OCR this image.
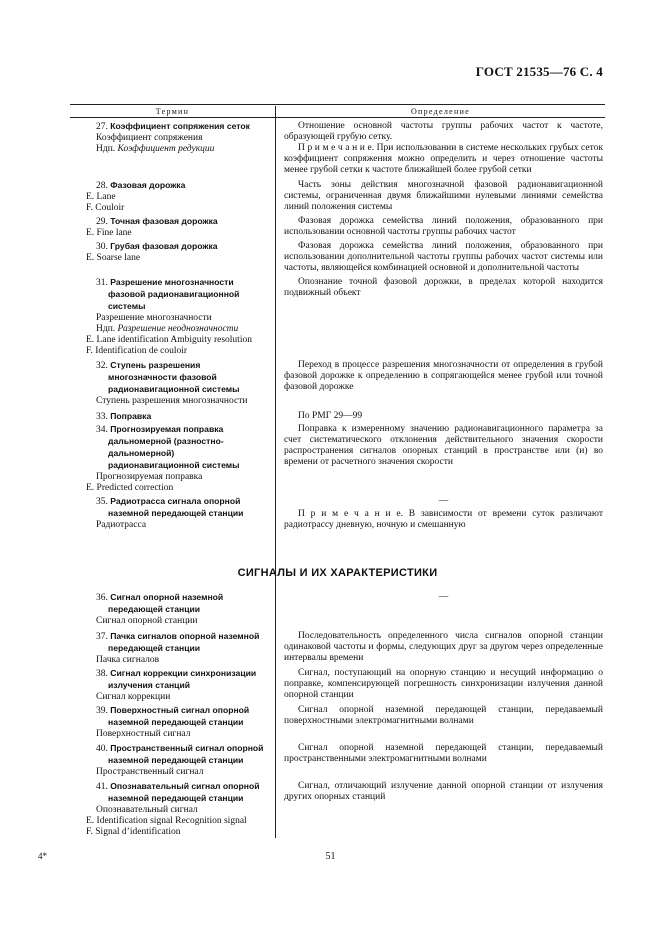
ГОСТ 21535—76 С. 4
Термин	Определение
27. Коэффициент сопряжения сеток
Коэффициент сопряжения
Ндп. Коэффициент редукции

Отношение основной частоты группы рабочих частот к частоте, образующей грубую сетку.

П р и м е ч а н и е. При использовании в системе нескольких грубых сеток коэффициент сопряжения можно определить и через отношение частоты менее грубой сетки к частоте ближайшей более грубой сетки

28. Фазовая дорожка
E. Lane
F. Couloir

Часть зоны действия многозначной фазовой радионавигационной системы, ограниченная двумя ближайшими нулевыми линиями семейства линий положения системы

29. Точная фазовая дорожка
E. Fine lane

Фазовая дорожка семейства линий положения, образованного при использовании основной частоты группы рабочих частот

30. Грубая фазовая дорожка
E. Soarse lane

Фазовая дорожка семейства линий положения, образованного при использовании дополнительной частоты группы рабочих частот системы или частоты, являющейся комбинацией основной и дополнительной частоты

31. Разрешение многозначности фазовой радионавигационной системы
Разрешение многозначности
Ндп. Разрешение неоднозначности
E. Lane identification Ambiguity resolution
F. Identification de couloir

Опознание точной фазовой дорожки, в пределах которой находится подвижный объект

32. Ступень разрешения многозначности фазовой радионавигационной системы
Ступень разрешения многозначности

Переход в процессе разрешения многозначности от определения в грубой фазовой дорожке к определению в сопрягающейся менее грубой или точной фазовой дорожке

33. Поправка	По РМГ 29—99

34. Прогнозируемая поправка дальномерной (разностно-дальномерной) радионавигационной системы
Прогнозируемая поправка
E. Predicted correction

Поправка к измеренному значению радионавигационного параметра за счет систематического отклонения действительного значения скорости распространения сигналов опорных станций в пространстве или (и) во времени от расчетного значения скорости

35. Радиотрасса сигнала опорной наземной передающей станции
Радиотрасса

—

П р и м е ч а н и е. В зависимости от времени суток различают радиотрассу дневную, ночную и смешанную

СИГНАЛЫ И ИХ ХАРАКТЕРИСТИКИ
36. Сигнал опорной наземной передающей станции
Сигнал опорной станции

—

37. Пачка сигналов опорной наземной передающей станции
Пачка сигналов

Последовательность определенного числа сигналов опорной станции одинаковой частоты и формы, следующих друг за другом через определенные интервалы времени

38. Сигнал коррекции синхронизации излучения станций
Сигнал коррекции

Сигнал, поступающий на опорную станцию и несущий информацию о поправке, компенсирующей погрешность синхронизации излучения данной опорной станции

39. Поверхностный сигнал опорной наземной передающей станции
Поверхностный сигнал

Сигнал опорной наземной передающей станции, передаваемый поверхностными электромагнитными волнами

40. Пространственный сигнал опорной наземной передающей станции
Пространственный сигнал

Сигнал опорной наземной передающей станции, передаваемый пространственными электромагнитными волнами

41. Опознавательный сигнал опорной наземной передающей станции
Опознавательный сигнал
E. Identification signal Recognition signal
F. Signal d’identification

Сигнал, отличающий излучение данной опорной станции от излучения других опорных станций

4*	51
